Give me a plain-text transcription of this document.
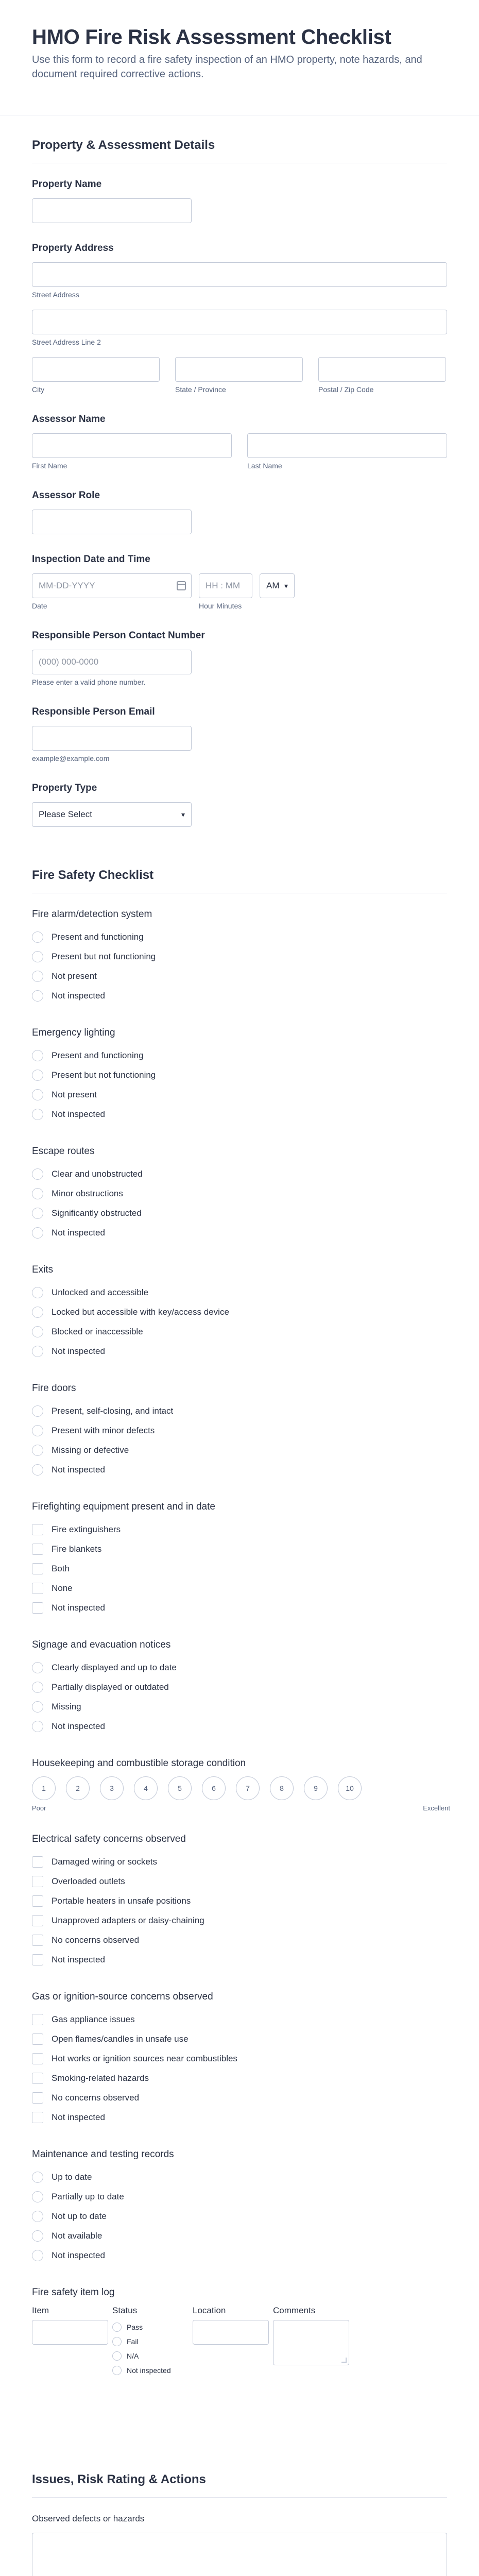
HMO Fire Risk Assessment Checklist

Use this form to record a fire safety inspection of an HMO property, note hazards, and document required corrective actions.

Property & Assessment Details
Property Name
Property Address
Street Address
Street Address Line 2
City	State / Province	Postal / Zip Code
Assessor Name
First Name	Last Name
Assessor Role
Inspection Date and Time
MM-DD-YYYY
Date
HH : MM
Hour Minutes
AM ▾
Responsible Person Contact Number
(000) 000-0000
Please enter a valid phone number.
Responsible Person Email
example@example.com
Property Type
Please Select	▾
Fire Safety Checklist
Fire alarm/detection system
Present and functioning
Present but not functioning
Not present
Not inspected
Emergency lighting
Present and functioning
Present but not functioning
Not present
Not inspected
Escape routes
Clear and unobstructed
Minor obstructions
Significantly obstructed
Not inspected
Exits
Unlocked and accessible
Locked but accessible with key/access device
Blocked or inaccessible
Not inspected
Fire doors
Present, self-closing, and intact
Present with minor defects
Missing or defective
Not inspected
Firefighting equipment present and in date
Fire extinguishers
Fire blankets
Both
None
Not inspected
Signage and evacuation notices
Clearly displayed and up to date
Partially displayed or outdated
Missing
Not inspected
Housekeeping and combustible storage condition
1	2	3	4	5	6	7	8	9	10
Poor	Excellent
Electrical safety concerns observed
Damaged wiring or sockets
Overloaded outlets
Portable heaters in unsafe positions
Unapproved adapters or daisy-chaining
No concerns observed
Not inspected
Gas or ignition-source concerns observed
Gas appliance issues
Open flames/candles in unsafe use
Hot works or ignition sources near combustibles
Smoking-related hazards
No concerns observed
Not inspected
Maintenance and testing records
Up to date
Partially up to date
Not up to date
Not available
Not inspected
Fire safety item log
Item	Status	Location	Comments
Pass
Fail
N/A
Not inspected
Issues, Risk Rating & Actions
Observed defects or hazards
